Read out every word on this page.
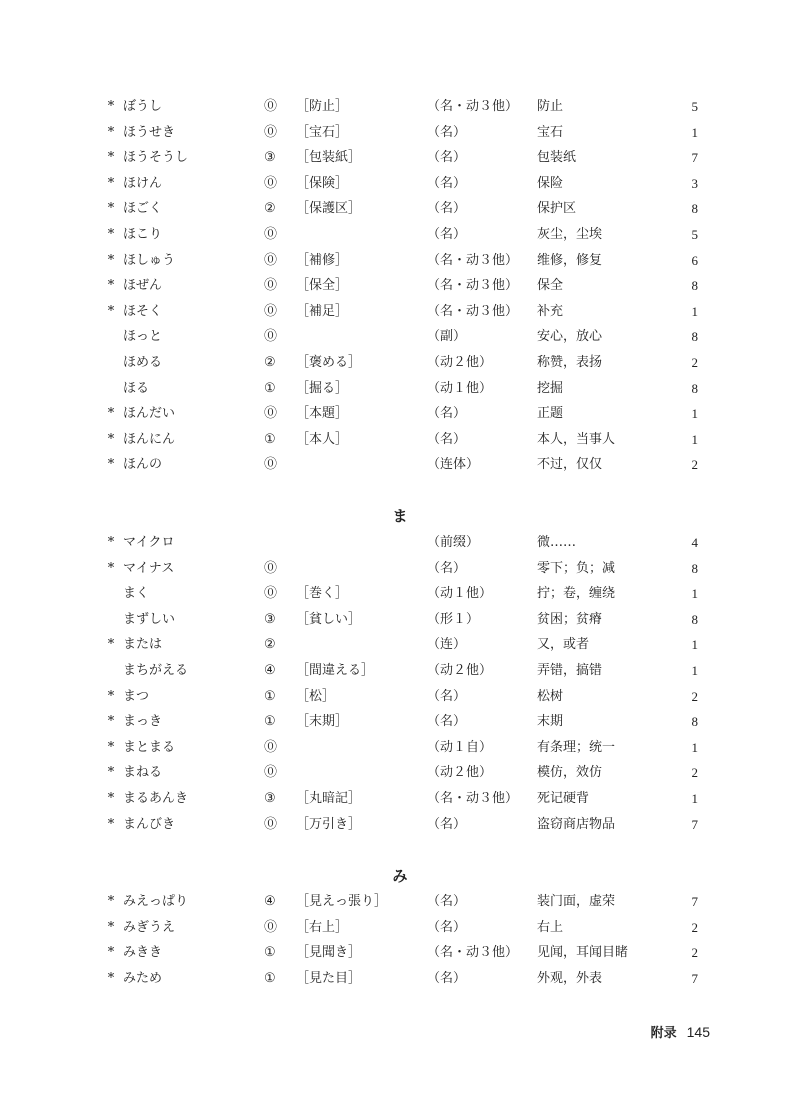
* ぼうし	⓪ ［防止］	（名・动３他） 防止	5
* ほうせき	⓪ ［宝石］	（名）	宝石	1
* ほうそうし	③ ［包装紙］	（名）	包装纸	7
* ほけん	⓪ ［保険］	（名）	保险	3
* ほごく	② ［保護区］	（名）	保护区	8
* ほこり	⓪	（名）	灰尘，尘埃	5
* ほしゅう	⓪ ［補修］	（名・动３他） 维修，修复	6
* ほぜん	⓪ ［保全］	（名・动３他） 保全	8
* ほそく	⓪ ［補足］	（名・动３他） 补充	1
ほっと	⓪	（副）	安心，放心	8
ほめる	② ［褒める］	（动２他）	称赞，表扬	2
ほる	① ［掘る］	（动１他）	挖掘	8
* ほんだい	⓪ ［本題］	（名）	正题	1
* ほんにん	① ［本人］	（名）	本人，当事人	1
* ほんの	⓪	（连体）	不过，仅仅	2
ま
* マイクロ	（前缀）	微……	4
* マイナス	⓪	（名）	零下；负；减	8
まく	⓪ ［巻く］	（动１他）	拧；卷，缠绕	1
まずしい	③ ［貧しい］	（形１）	贫困；贫瘠	8
* または	②	（连）	又，或者	1
まちがえる	④ ［間違える］	（动２他）	弄错，搞错	1
* まつ	① ［松］	（名）	松树	2
* まっき	① ［末期］	（名）	末期	8
* まとまる	⓪	（动１自）	有条理；统一	1
* まねる	⓪	（动２他）	模仿，效仿	2
* まるあんき	③ ［丸暗記］	（名・动３他） 死记硬背	1
* まんびき	⓪ ［万引き］	（名）	盗窃商店物品	7
み
* みえっぱり	④ ［見えっ張り］	（名）	装门面，虚荣	7
* みぎうえ	⓪ ［右上］	（名）	右上	2
* みきき	① ［見聞き］	（名・动３他） 见闻，耳闻目睹	2
* みため	① ［見た目］	（名）	外观，外表	7
附录 145
